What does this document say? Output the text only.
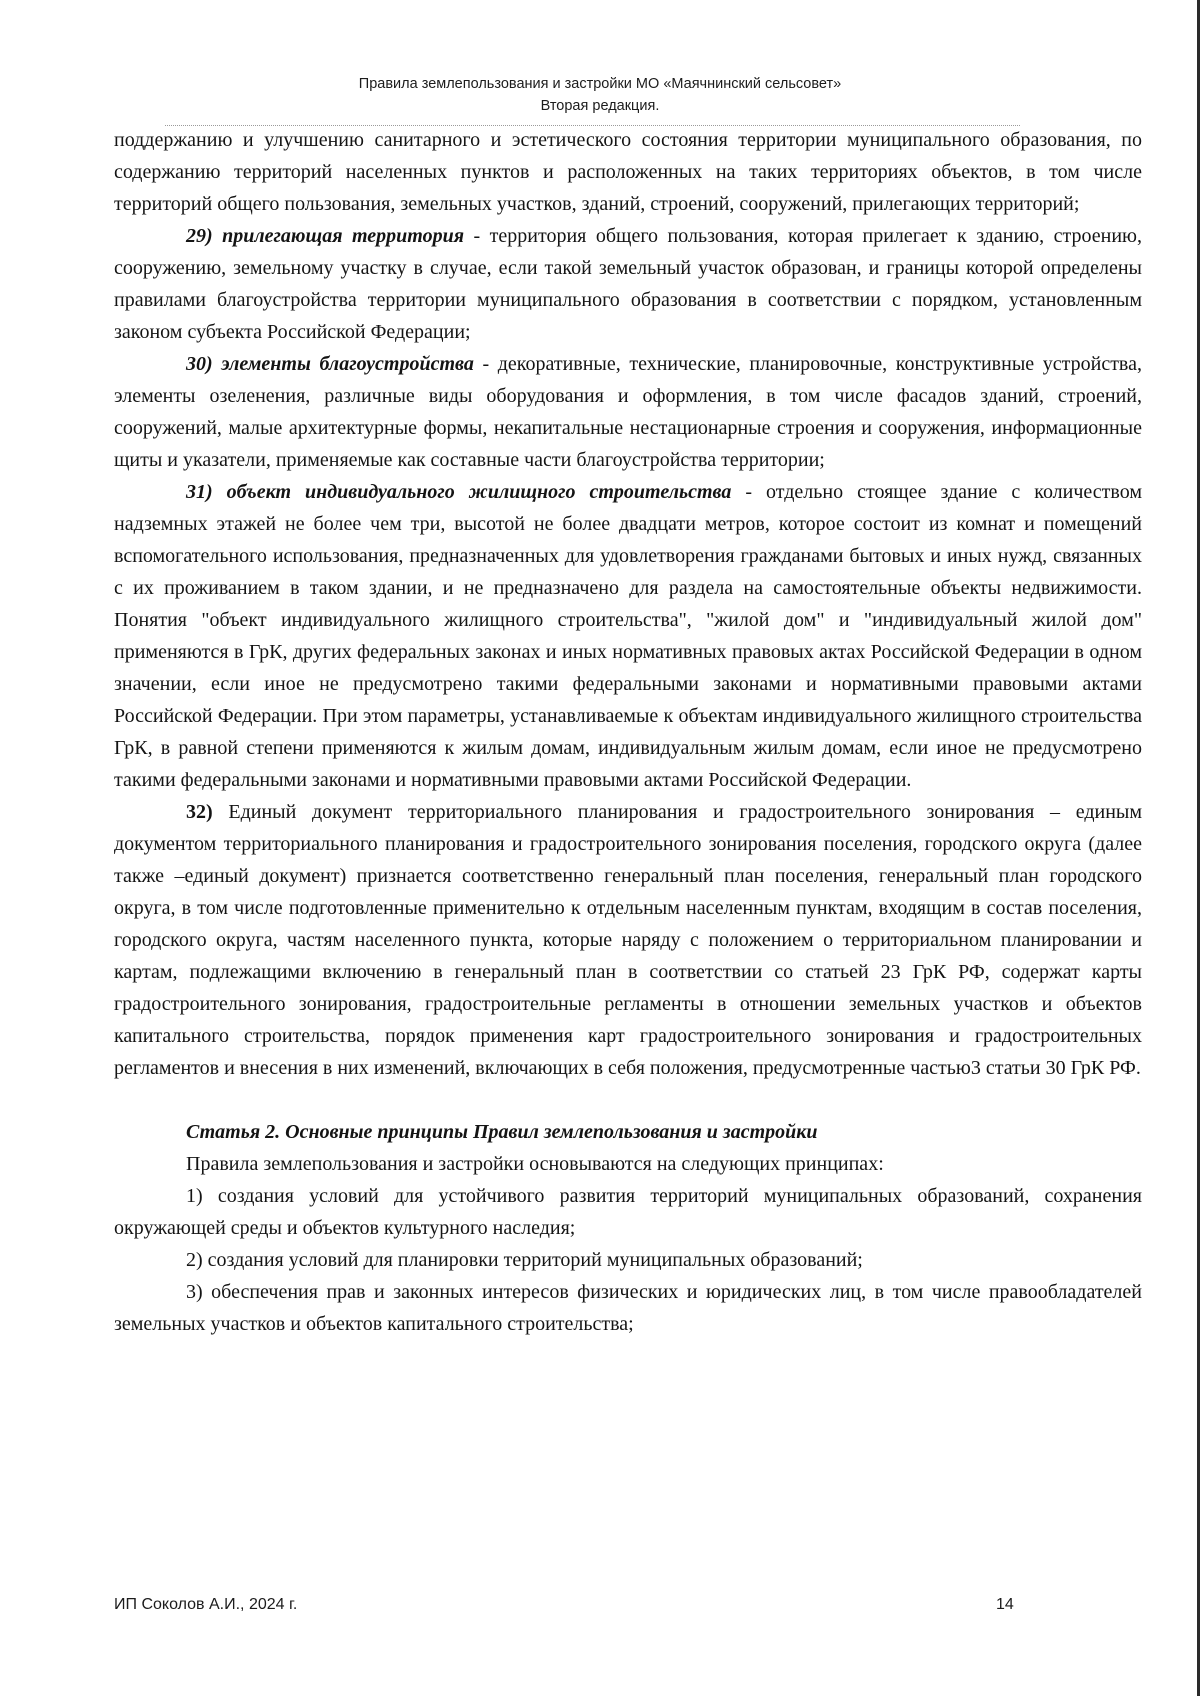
Правила землепользования и застройки МО «Маячнинский сельсовет»
Вторая редакция.

поддержанию и улучшению санитарного и эстетического состояния территории муниципального образования, по содержанию территорий населенных пунктов и расположенных на таких территориях объектов, в том числе территорий общего пользования, земельных участков, зданий, строений, сооружений, прилегающих территорий;

29) прилегающая территория - территория общего пользования, которая прилегает к зданию, строению, сооружению, земельному участку в случае, если такой земельный участок образован, и границы которой определены правилами благоустройства территории муниципального образования в соответствии с порядком, установленным законом субъекта Российской Федерации;

30) элементы благоустройства - декоративные, технические, планировочные, конструктивные устройства, элементы озеленения, различные виды оборудования и оформления, в том числе фасадов зданий, строений, сооружений, малые архитектурные формы, некапитальные нестационарные строения и сооружения, информационные щиты и указатели, применяемые как составные части благоустройства территории;

31) объект индивидуального жилищного строительства - отдельно стоящее здание с количеством надземных этажей не более чем три, высотой не более двадцати метров, которое состоит из комнат и помещений вспомогательного использования, предназначенных для удовлетворения гражданами бытовых и иных нужд, связанных с их проживанием в таком здании, и не предназначено для раздела на самостоятельные объекты недвижимости. Понятия "объект индивидуального жилищного строительства", "жилой дом" и "индивидуальный жилой дом" применяются в ГрК, других федеральных законах и иных нормативных правовых актах Российской Федерации в одном значении, если иное не предусмотрено такими федеральными законами и нормативными правовыми актами Российской Федерации. При этом параметры, устанавливаемые к объектам индивидуального жилищного строительства ГрК, в равной степени применяются к жилым домам, индивидуальным жилым домам, если иное не предусмотрено такими федеральными законами и нормативными правовыми актами Российской Федерации.

32) Единый документ территориального планирования и градостроительного зонирования – единым документом территориального планирования и градостроительного зонирования поселения, городского округа (далее также –единый документ) признается соответственно генеральный план поселения, генеральный план городского округа, в том числе подготовленные применительно к отдельным населенным пунктам, входящим в состав поселения, городского округа, частям населенного пункта, которые наряду с положением о территориальном планировании и картам, подлежащими включению в генеральный план в соответствии со статьей 23 ГрК РФ, содержат карты градостроительного зонирования, градостроительные регламенты в отношении земельных участков и объектов капитального строительства, порядок применения карт градостроительного зонирования и градостроительных регламентов и внесения в них изменений, включающих в себя положения, предусмотренные частью3 статьи 30 ГрК РФ.

Статья 2. Основные принципы Правил землепользования и застройки

Правила землепользования и застройки основываются на следующих принципах:

1) создания условий для устойчивого развития территорий муниципальных образований, сохранения окружающей среды и объектов культурного наследия;

2) создания условий для планировки территорий муниципальных образований;

3) обеспечения прав и законных интересов физических и юридических лиц, в том числе правообладателей земельных участков и объектов капитального строительства;

ИП Соколов А.И., 2024 г.	14
